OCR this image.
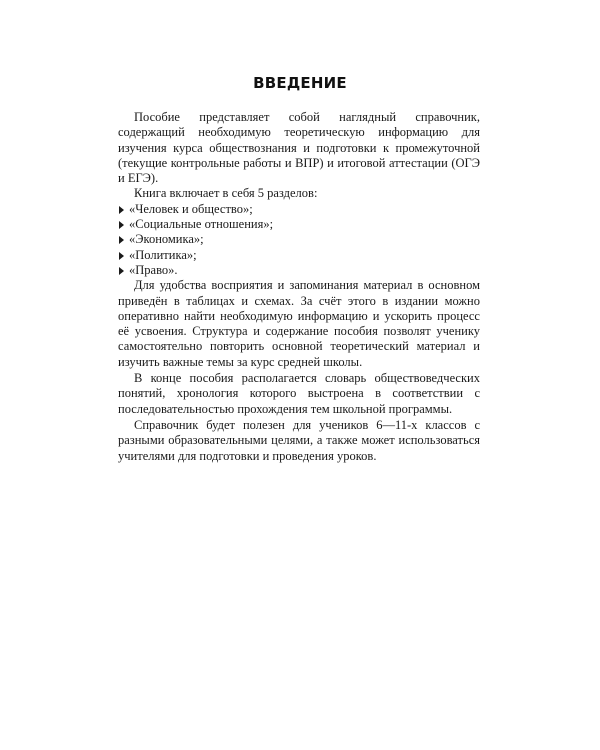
ВВЕДЕНИЕ

Пособие представляет собой наглядный справочник, содержащий необходимую теоретическую информацию для изучения курса обществознания и подготовки к промежуточной (текущие контрольные работы и ВПР) и итоговой аттестации (ОГЭ и ЕГЭ).

Книга включает в себя 5 разделов:

«Человек и общество»;
«Социальные отношения»;
«Экономика»;
«Политика»;
«Право».

Для удобства восприятия и запоминания материал в основном приведён в таблицах и схемах. За счёт этого в издании можно оперативно найти необходимую информацию и ускорить процесс её усвоения. Структура и содержание пособия позволят ученику самостоятельно повторить основной теоретический материал и изучить важные темы за курс средней школы.

В конце пособия располагается словарь обществоведческих понятий, хронология которого выстроена в соответствии с последовательностью прохождения тем школьной программы.

Справочник будет полезен для учеников 6—11-х классов с разными образовательными целями, а также может использоваться учителями для подготовки и проведения уроков.
